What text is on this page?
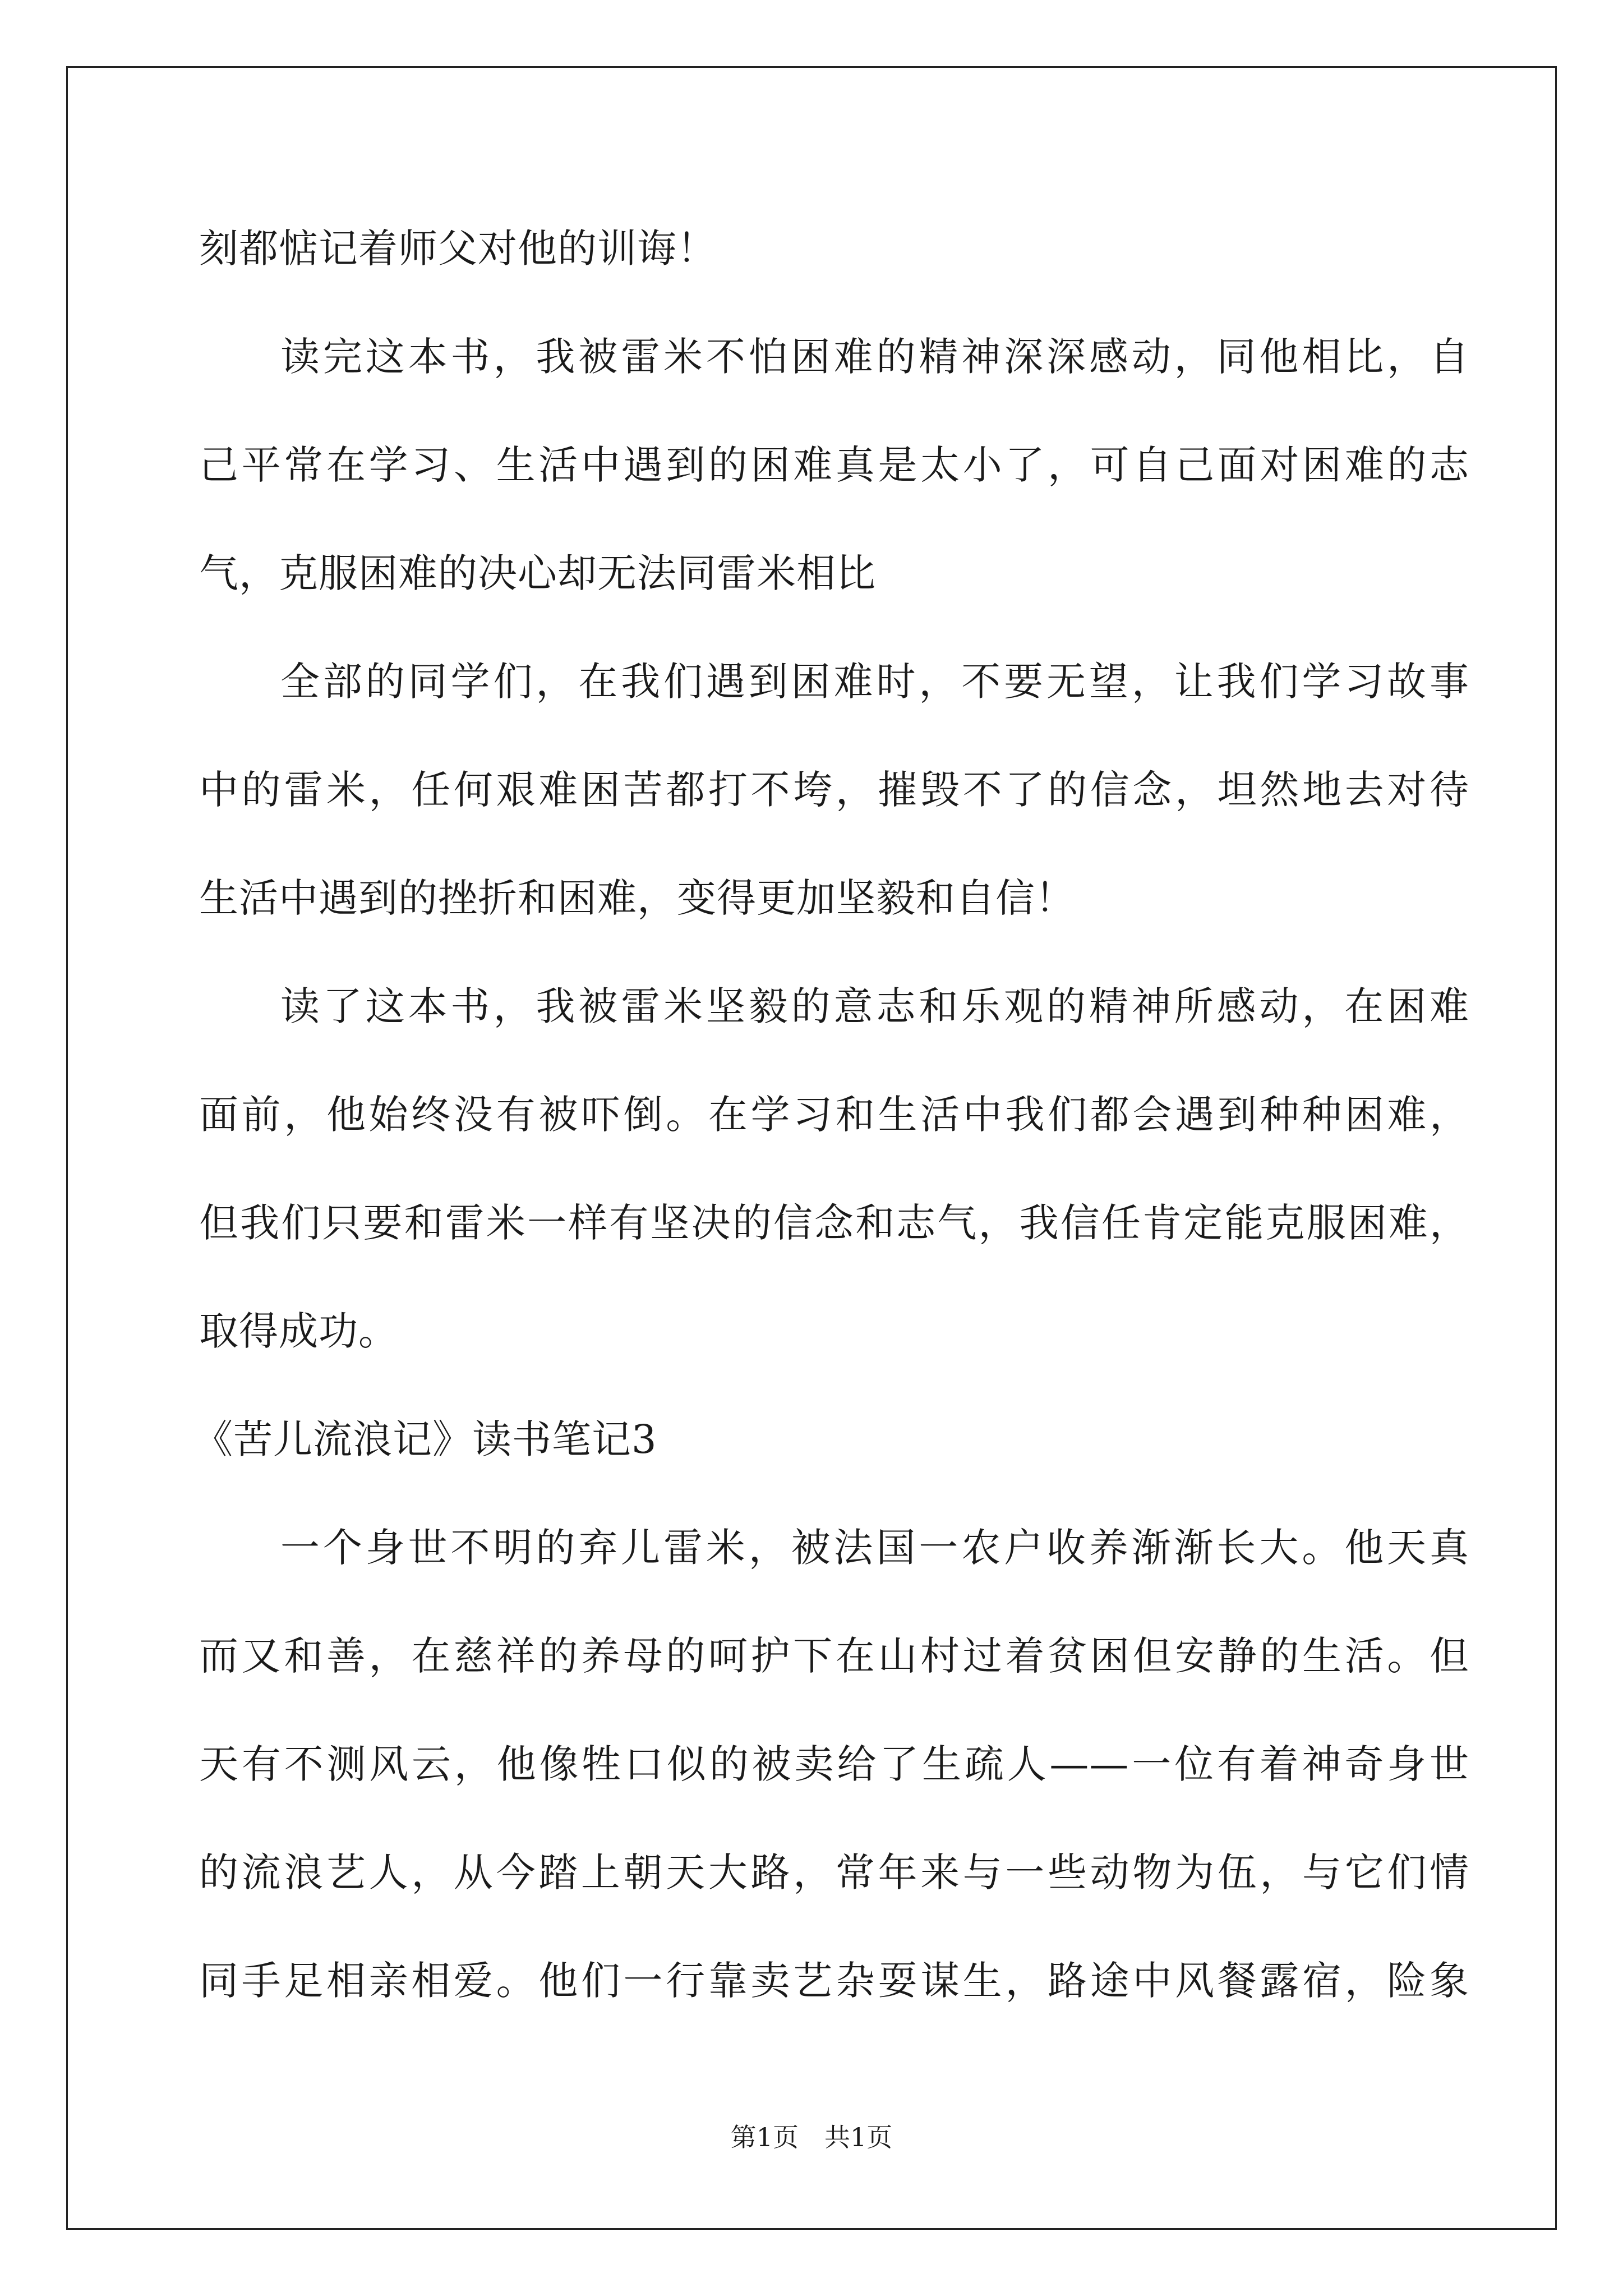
刻都惦记着师父对他的训诲！
读完这本书，我被雷米不怕困难的精神深深感动，同他相比，自
己平常在学习、生活中遇到的困难真是太小了，可自己面对困难的志
气，克服困难的决心却无法同雷米相比
全部的同学们，在我们遇到困难时，不要无望，让我们学习故事
中的雷米，任何艰难困苦都打不垮，摧毁不了的信念，坦然地去对待
生活中遇到的挫折和困难，变得更加坚毅和自信！
读了这本书，我被雷米坚毅的意志和乐观的精神所感动，在困难
面前，他始终没有被吓倒。在学习和生活中我们都会遇到种种困难，
但我们只要和雷米一样有坚决的信念和志气，我信任肯定能克服困难，
取得成功。
《苦儿流浪记》读书笔记3
一个身世不明的弃儿雷米，被法国一农户收养渐渐长大。他天真
而又和善，在慈祥的养母的呵护下在山村过着贫困但安静的生活。但
天有不测风云，他像牲口似的被卖给了生疏人——一位有着神奇身世
的流浪艺人，从今踏上朝天大路，常年来与一些动物为伍，与它们情
同手足相亲相爱。他们一行靠卖艺杂耍谋生，路途中风餐露宿，险象
第1页　共1页
